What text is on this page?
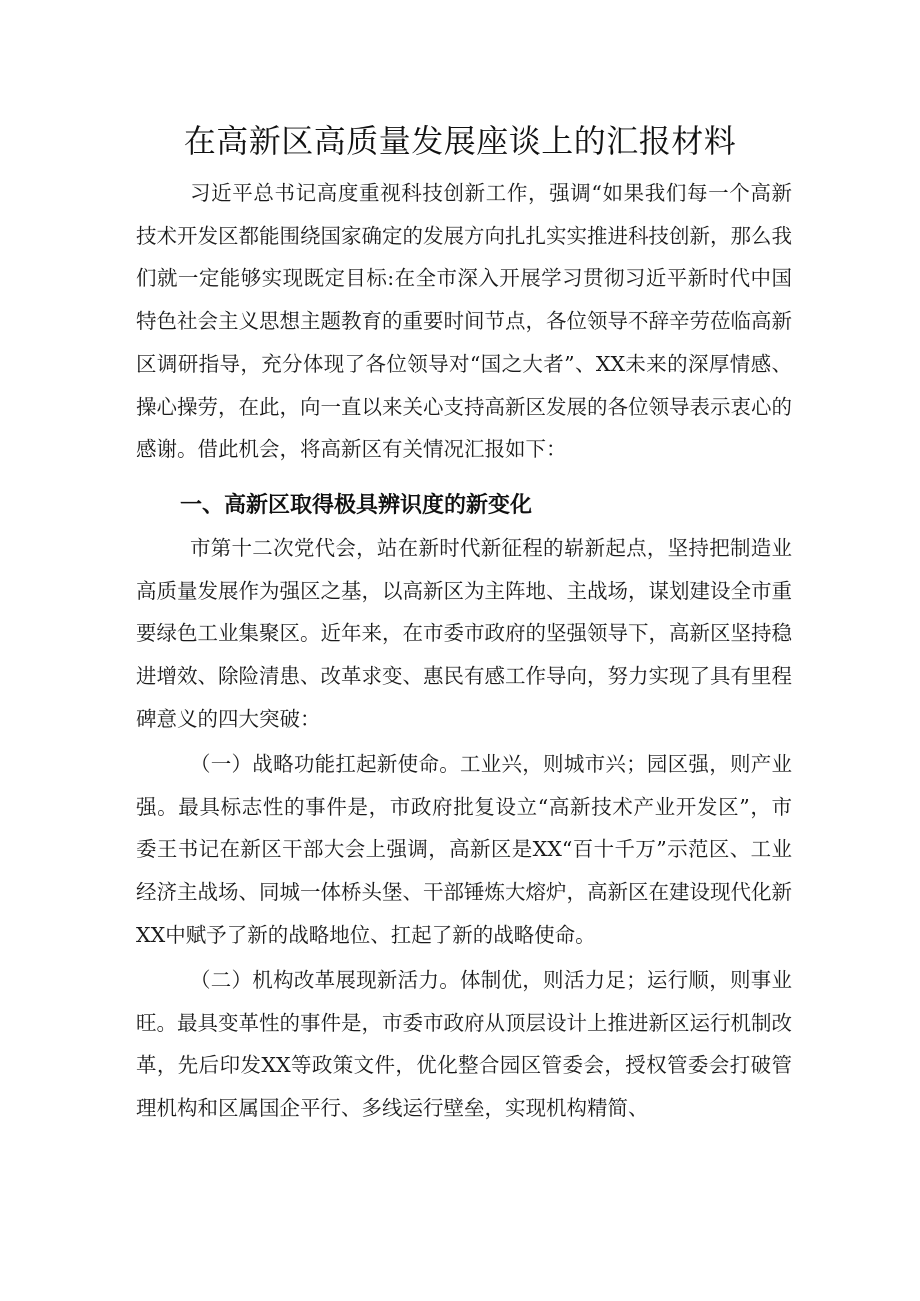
在高新区高质量发展座谈上的汇报材料

习近平总书记高度重视科技创新工作，强调“如果我们每一个高新技术开发区都能围绕国家确定的发展方向扎扎实实推进科技创新，那么我们就一定能够实现既定目标:在全市深入开展学习贯彻习近平新时代中国特色社会主义思想主题教育的重要时间节点，各位领导不辞辛劳莅临高新区调研指导，充分体现了各位领导对“国之大者”、XX未来的深厚情感、操心操劳，在此，向一直以来关心支持高新区发展的各位领导表示衷心的感谢。借此机会，将高新区有关情况汇报如下：

一、高新区取得极具辨识度的新变化

市第十二次党代会，站在新时代新征程的崭新起点，坚持把制造业高质量发展作为强区之基，以高新区为主阵地、主战场，谋划建设全市重要绿色工业集聚区。近年来，在市委市政府的坚强领导下，高新区坚持稳进增效、除险清患、改革求变、惠民有感工作导向，努力实现了具有里程碑意义的四大突破：

（一）战略功能扛起新使命。工业兴，则城市兴；园区强，则产业强。最具标志性的事件是，市政府批复设立“高新技术产业开发区”，市委王书记在新区干部大会上强调，高新区是XX“百十千万”示范区、工业经济主战场、同城一体桥头堡、干部锤炼大熔炉，高新区在建设现代化新XX中赋予了新的战略地位、扛起了新的战略使命。

（二）机构改革展现新活力。体制优，则活力足；运行顺，则事业旺。最具变革性的事件是，市委市政府从顶层设计上推进新区运行机制改革，先后印发XX等政策文件，优化整合园区管委会，授权管委会打破管理机构和区属国企平行、多线运行壁垒，实现机构精简、
